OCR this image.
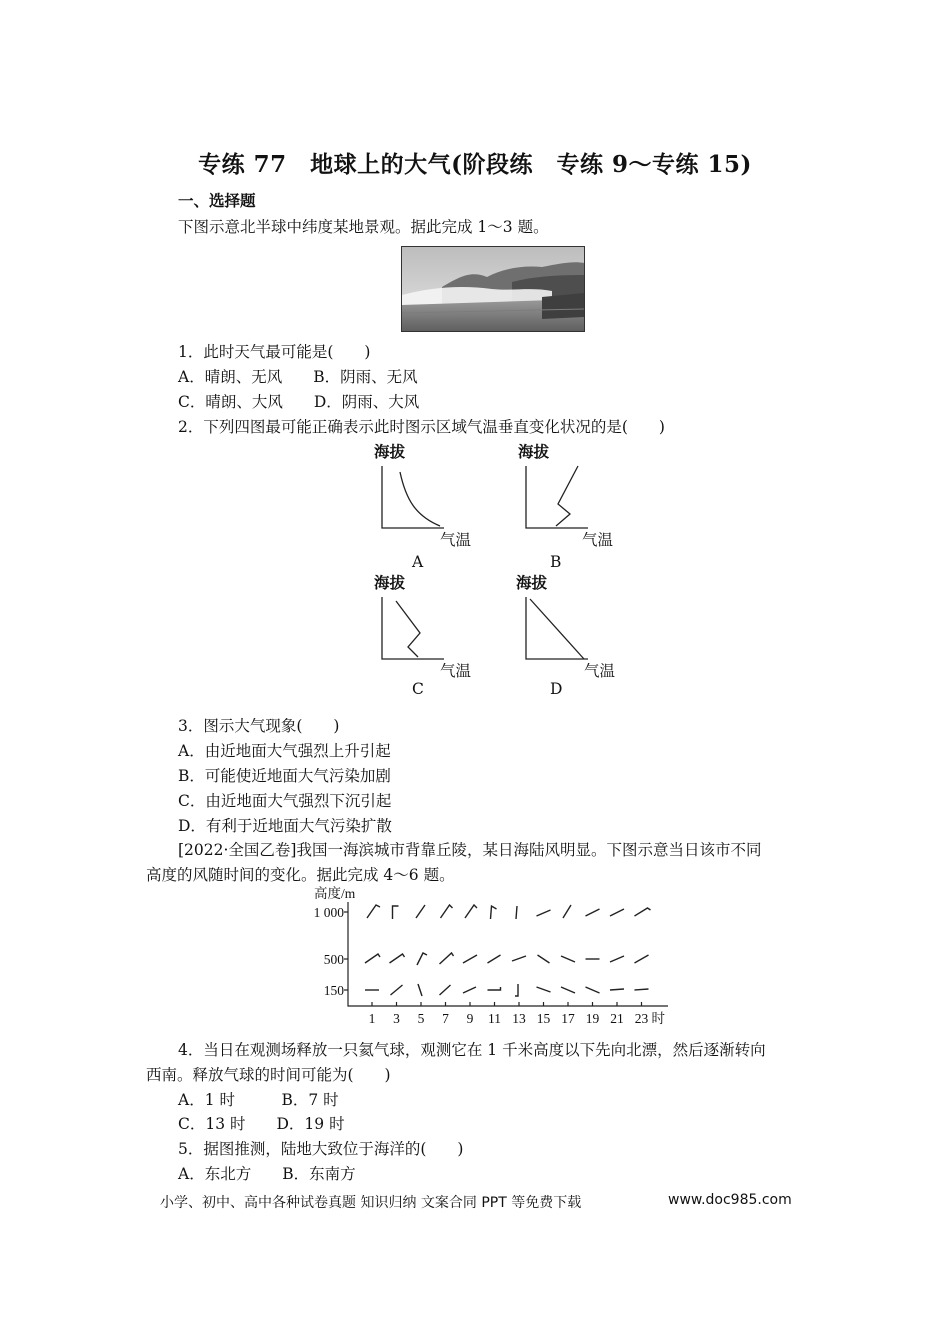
专练 77　地球上的大气(阶段练　专练 9～专练 15)
一、选择题
下图示意北半球中纬度某地景观。据此完成 1～3 题。
1．此时天气最可能是(　　)
A．晴朗、无风　　B．阴雨、无风
C．晴朗、大风　　D．阴雨、大风
2．下列四图最可能正确表示此时图示区域气温垂直变化状况的是(　　)
海拔
气温
A
海拔
气温
B
海拔
气温
C
海拔
气温
D
3．图示大气现象(　　)
A．由近地面大气强烈上升引起
B．可能使近地面大气污染加剧
C．由近地面大气强烈下沉引起
D．有利于近地面大气污染扩散
[2022·全国乙卷]我国一海滨城市背靠丘陵，某日海陆风明显。下图示意当日该市不同
高度的风随时间的变化。据此完成 4～6 题。
高度/m
1 000
500
150
1 3 5 7 9 11 13 15 17 19 21 23 时
4．当日在观测场释放一只氦气球，观测它在 1 千米高度以下先向北漂，然后逐渐转向
西南。释放气球的时间可能为(　　)
A．1 时　　　B．7 时
C．13 时　　D．19 时
5．据图推测，陆地大致位于海洋的(　　)
A．东北方　　B．东南方
小学、初中、高中各种试卷真题 知识归纳 文案合同 PPT 等免费下载	www.doc985.com
